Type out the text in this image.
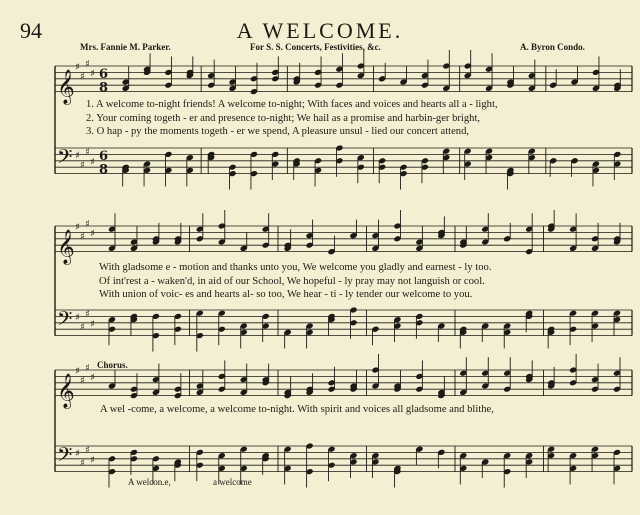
94	A WELCOME.
Mrs. Fannie M. Parker.	For S. S. Concerts, Festivities, &c.	A. Byron Condo.
𝄞
𝄢
♯
♯
♯
♯
♯
♯
♯
♯
6
8
6
8
𝄞
𝄢
♯
♯
♯
♯
♯
♯
♯
♯
𝄞
𝄢
♯
♯
♯
♯
♯
♯
♯
♯
1. A welcome to-night friends! A welcome to-night; With faces and voices and hearts all a - light,
2. Your coming togeth - er and presence to-night; We hail as a promise and harbin-ger bright,
3. O hap - py the moments togeth - er we spend, A pleasure unsul - lied our concert attend,
With gladsome e - motion and thanks unto you, We welcome you gladly and earnest - ly too.
Of int'rest a - waken'd, in aid of our School, We hopeful - ly pray may not languish or cool.
With union of voic- es and hearts al- so too, We hear - ti - ly tender our welcome to you.
Chorus.
A wel -come, a welcome, a welcome to-night. With spirit and voices all gladsome and blithe,
A welcon.e,	a welcome
